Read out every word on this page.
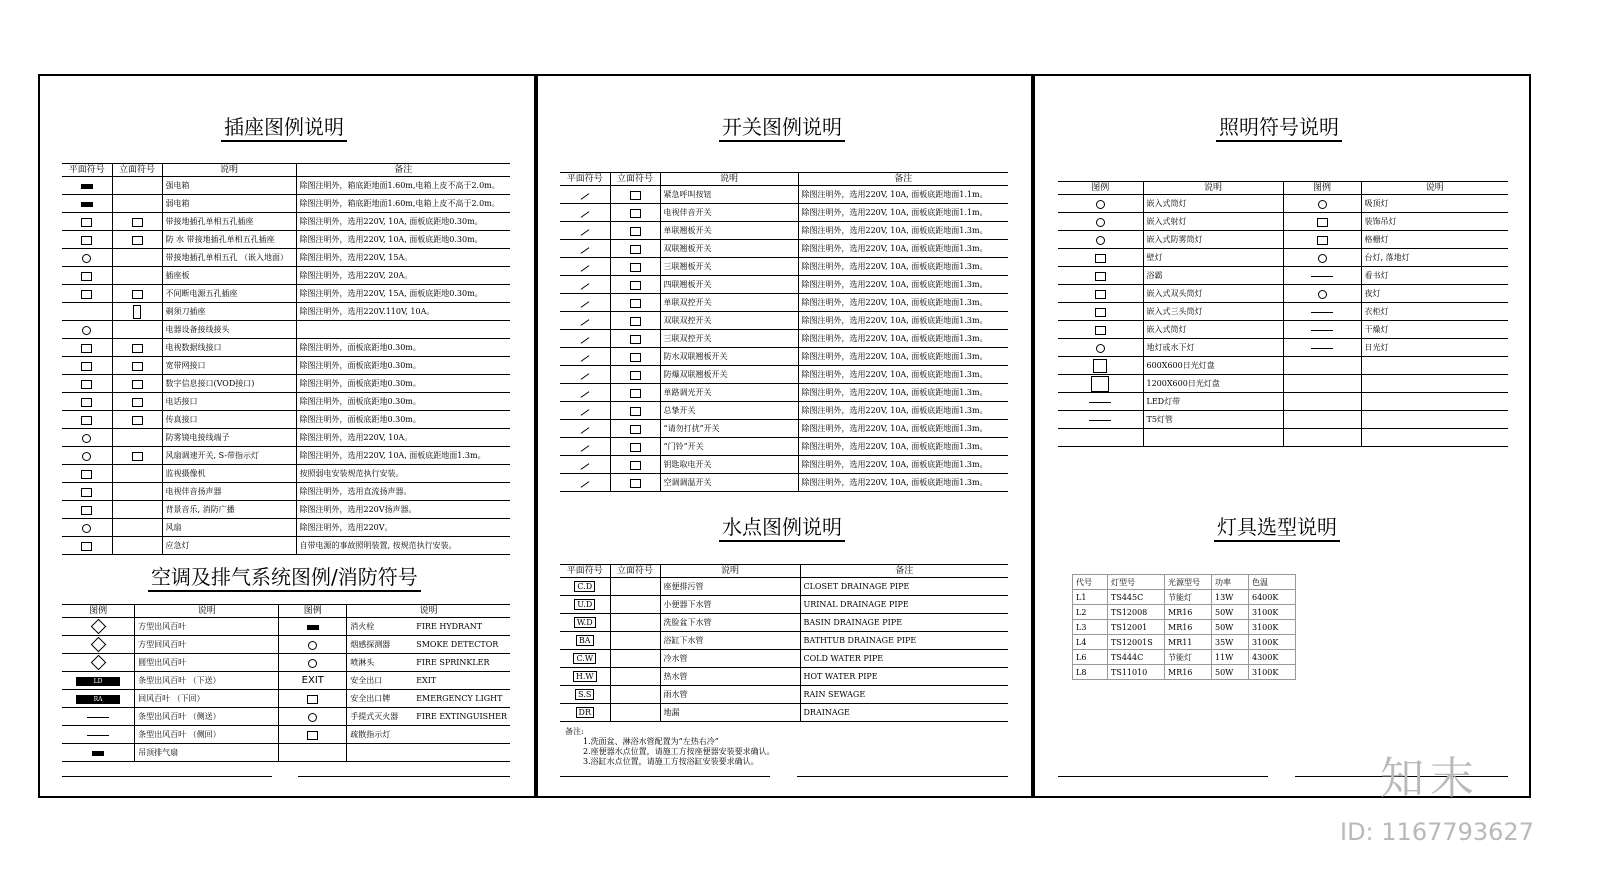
插座图例说明
平面符号	立面符号	说明	备注
		强电箱	除图注明外，箱底距地面1.60m,电箱上皮不高于2.0m。
		弱电箱	除图注明外，箱底距地面1.60m,电箱上皮不高于2.0m。
		带接地插孔单相五孔插座	除图注明外，选用220V, 10A, 面板底距地0.30m。
		防 水 带接地插孔单相五孔插座	除图注明外，选用220V, 10A, 面板底距地0.30m。
		带接地插孔单相五孔 （嵌入地面）	除图注明外，选用220V, 15A。
		插座板	除图注明外，选用220V, 20A。
		不间断电源五孔插座	除图注明外，选用220V, 15A, 面板底距地0.30m。
		剃须刀插座	除图注明外，选用220V.110V, 10A。
		电器设备接线接头	
		电视数据线接口	除图注明外，面板底距地0.30m。
		宽带网接口	除图注明外，面板底距地0.30m。
		数字信息接口(VOD接口)	除图注明外，面板底距地0.30m。
		电话接口	除图注明外，面板底距地0.30m。
		传真接口	除图注明外，面板底距地0.30m。
		防雾镜电接线端子	除图注明外，选用220V, 10A。
		风扇调速开关, S-带指示灯	除图注明外，选用220V, 10A, 面板底距地面1.3m。
		监视摄像机	按照弱电安装规范执行安装。
		电视伴音扬声器	除图注明外，选用直流扬声器。
		背景音乐, 消防广播	除图注明外，选用220V扬声器。
		风扇	除图注明外，选用220V。
		应急灯	自带电源的事故照明装置, 按规范执行安装。
空调及排气系统图例/消防符号
图例	说明	图例	说明
	方型出风百叶		消火栓 FIRE HYDRANT
	方型回风百叶		烟感探测器 SMOKE DETECTOR
	圆型出风百叶		喷淋头 FIRE SPRINKLER
LD	条型出风百叶 （下送）	EXIT	安全出口 EXIT
RA	回风百叶 （下回）		安全出口牌 EMERGENCY LIGHT
	条型出风百叶 （侧送）		手提式灭火器 FIRE EXTINGUISHER
	条型出风百叶 （侧回）		疏散指示灯
	吊顶排气扇		
开关图例说明
平面符号	立面符号	说明	备注
		紧急呼叫按钮	除图注明外，选用220V, 10A, 面板底距地面1.1m。
		电视伴音开关	除图注明外，选用220V, 10A, 面板底距地面1.1m。
		单联翘板开关	除图注明外，选用220V, 10A, 面板底距地面1.3m。
		双联翘板开关	除图注明外，选用220V, 10A, 面板底距地面1.3m。
		三联翘板开关	除图注明外，选用220V, 10A, 面板底距地面1.3m。
		四联翘板开关	除图注明外，选用220V, 10A, 面板底距地面1.3m。
		单联双控开关	除图注明外，选用220V, 10A, 面板底距地面1.3m。
		双联双控开关	除图注明外，选用220V, 10A, 面板底距地面1.3m。
		三联双控开关	除图注明外，选用220V, 10A, 面板底距地面1.3m。
		防水双联翘板开关	除图注明外，选用220V, 10A, 面板底距地面1.3m。
		防爆双联翘板开关	除图注明外，选用220V, 10A, 面板底距地面1.3m。
		单路调光开关	除图注明外，选用220V, 10A, 面板底距地面1.3m。
		总挚开关	除图注明外，选用220V, 10A, 面板底距地面1.3m。
		“请勿打扰”开关	除图注明外，选用220V, 10A, 面板底距地面1.3m。
		“门铃”开关	除图注明外，选用220V, 10A, 面板底距地面1.3m。
		钥匙取电开关	除图注明外，选用220V, 10A, 面板底距地面1.3m。
		空调调温开关	除图注明外，选用220V, 10A, 面板底距地面1.3m。
水点图例说明
平面符号	立面符号	说明	备注
C.D		座便排污管	CLOSET DRAINAGE PIPE
U.D		小便器下水管	URINAL DRAINAGE PIPE
W.D		洗脸盆下水管	BASIN DRAINAGE PIPE
BA		浴缸下水管	BATHTUB DRAINAGE PIPE
C.W		冷水管	COLD WATER PIPE
H.W		热水管	HOT WATER PIPE
S.S		雨水管	RAIN SEWAGE
DR		地漏	DRAINAGE
备注:
1.洗面盆、淋浴水管配置为“左热右冷”
2.座便器水点位置，请施工方按座便器安装要求确认。
3.浴缸水点位置，请施工方按浴缸安装要求确认。
照明符号说明
图例	说明	图例	说明
	嵌入式筒灯		吸顶灯
	嵌入式射灯		装饰吊灯
	嵌入式防雾筒灯		格栅灯
	壁灯		台灯, 落地灯
	浴霸		看书灯
	嵌入式双头筒灯		夜灯
	嵌入式三头筒灯		衣柜灯
	嵌入式筒灯		干燥灯
	地灯或水下灯		日光灯
	600X600日光灯盘		
	1200X600日光灯盘		
	LED灯带		
	T5灯管		

灯具选型说明
代号	灯型号	光源型号	功率	色温
L1	TS445C	节能灯	13W	6400K
L2	TS12008	MR16	50W	3100K
L3	TS12001	MR16	50W	3100K
L4	TS12001S	MR11	35W	3100K
L6	TS444C	节能灯	11W	4300K
L8	TS11010	MR16	50W	3100K
知末
ID: 1167793627
